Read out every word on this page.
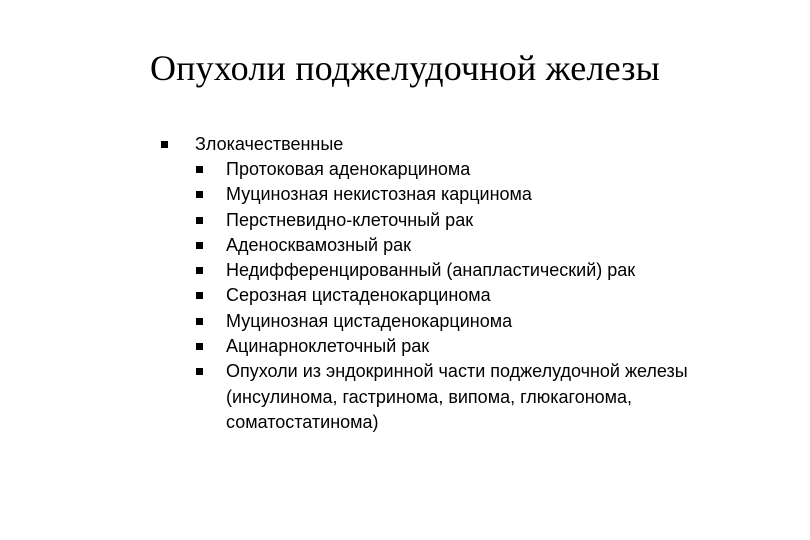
Опухоли поджелудочной железы
Злокачественные
Протоковая аденокарцинома
Муцинозная некистозная карцинома
Перстневидно-клеточный рак
Аденосквамозный рак
Недифференцированный (анапластический) рак
Серозная цистаденокарцинома
Муцинозная цистаденокарцинома
Ацинарноклеточный рак
Опухоли из эндокринной части поджелудочной железы (инсулинома, гастринома, випома, глюкагонома, соматостатинома)
